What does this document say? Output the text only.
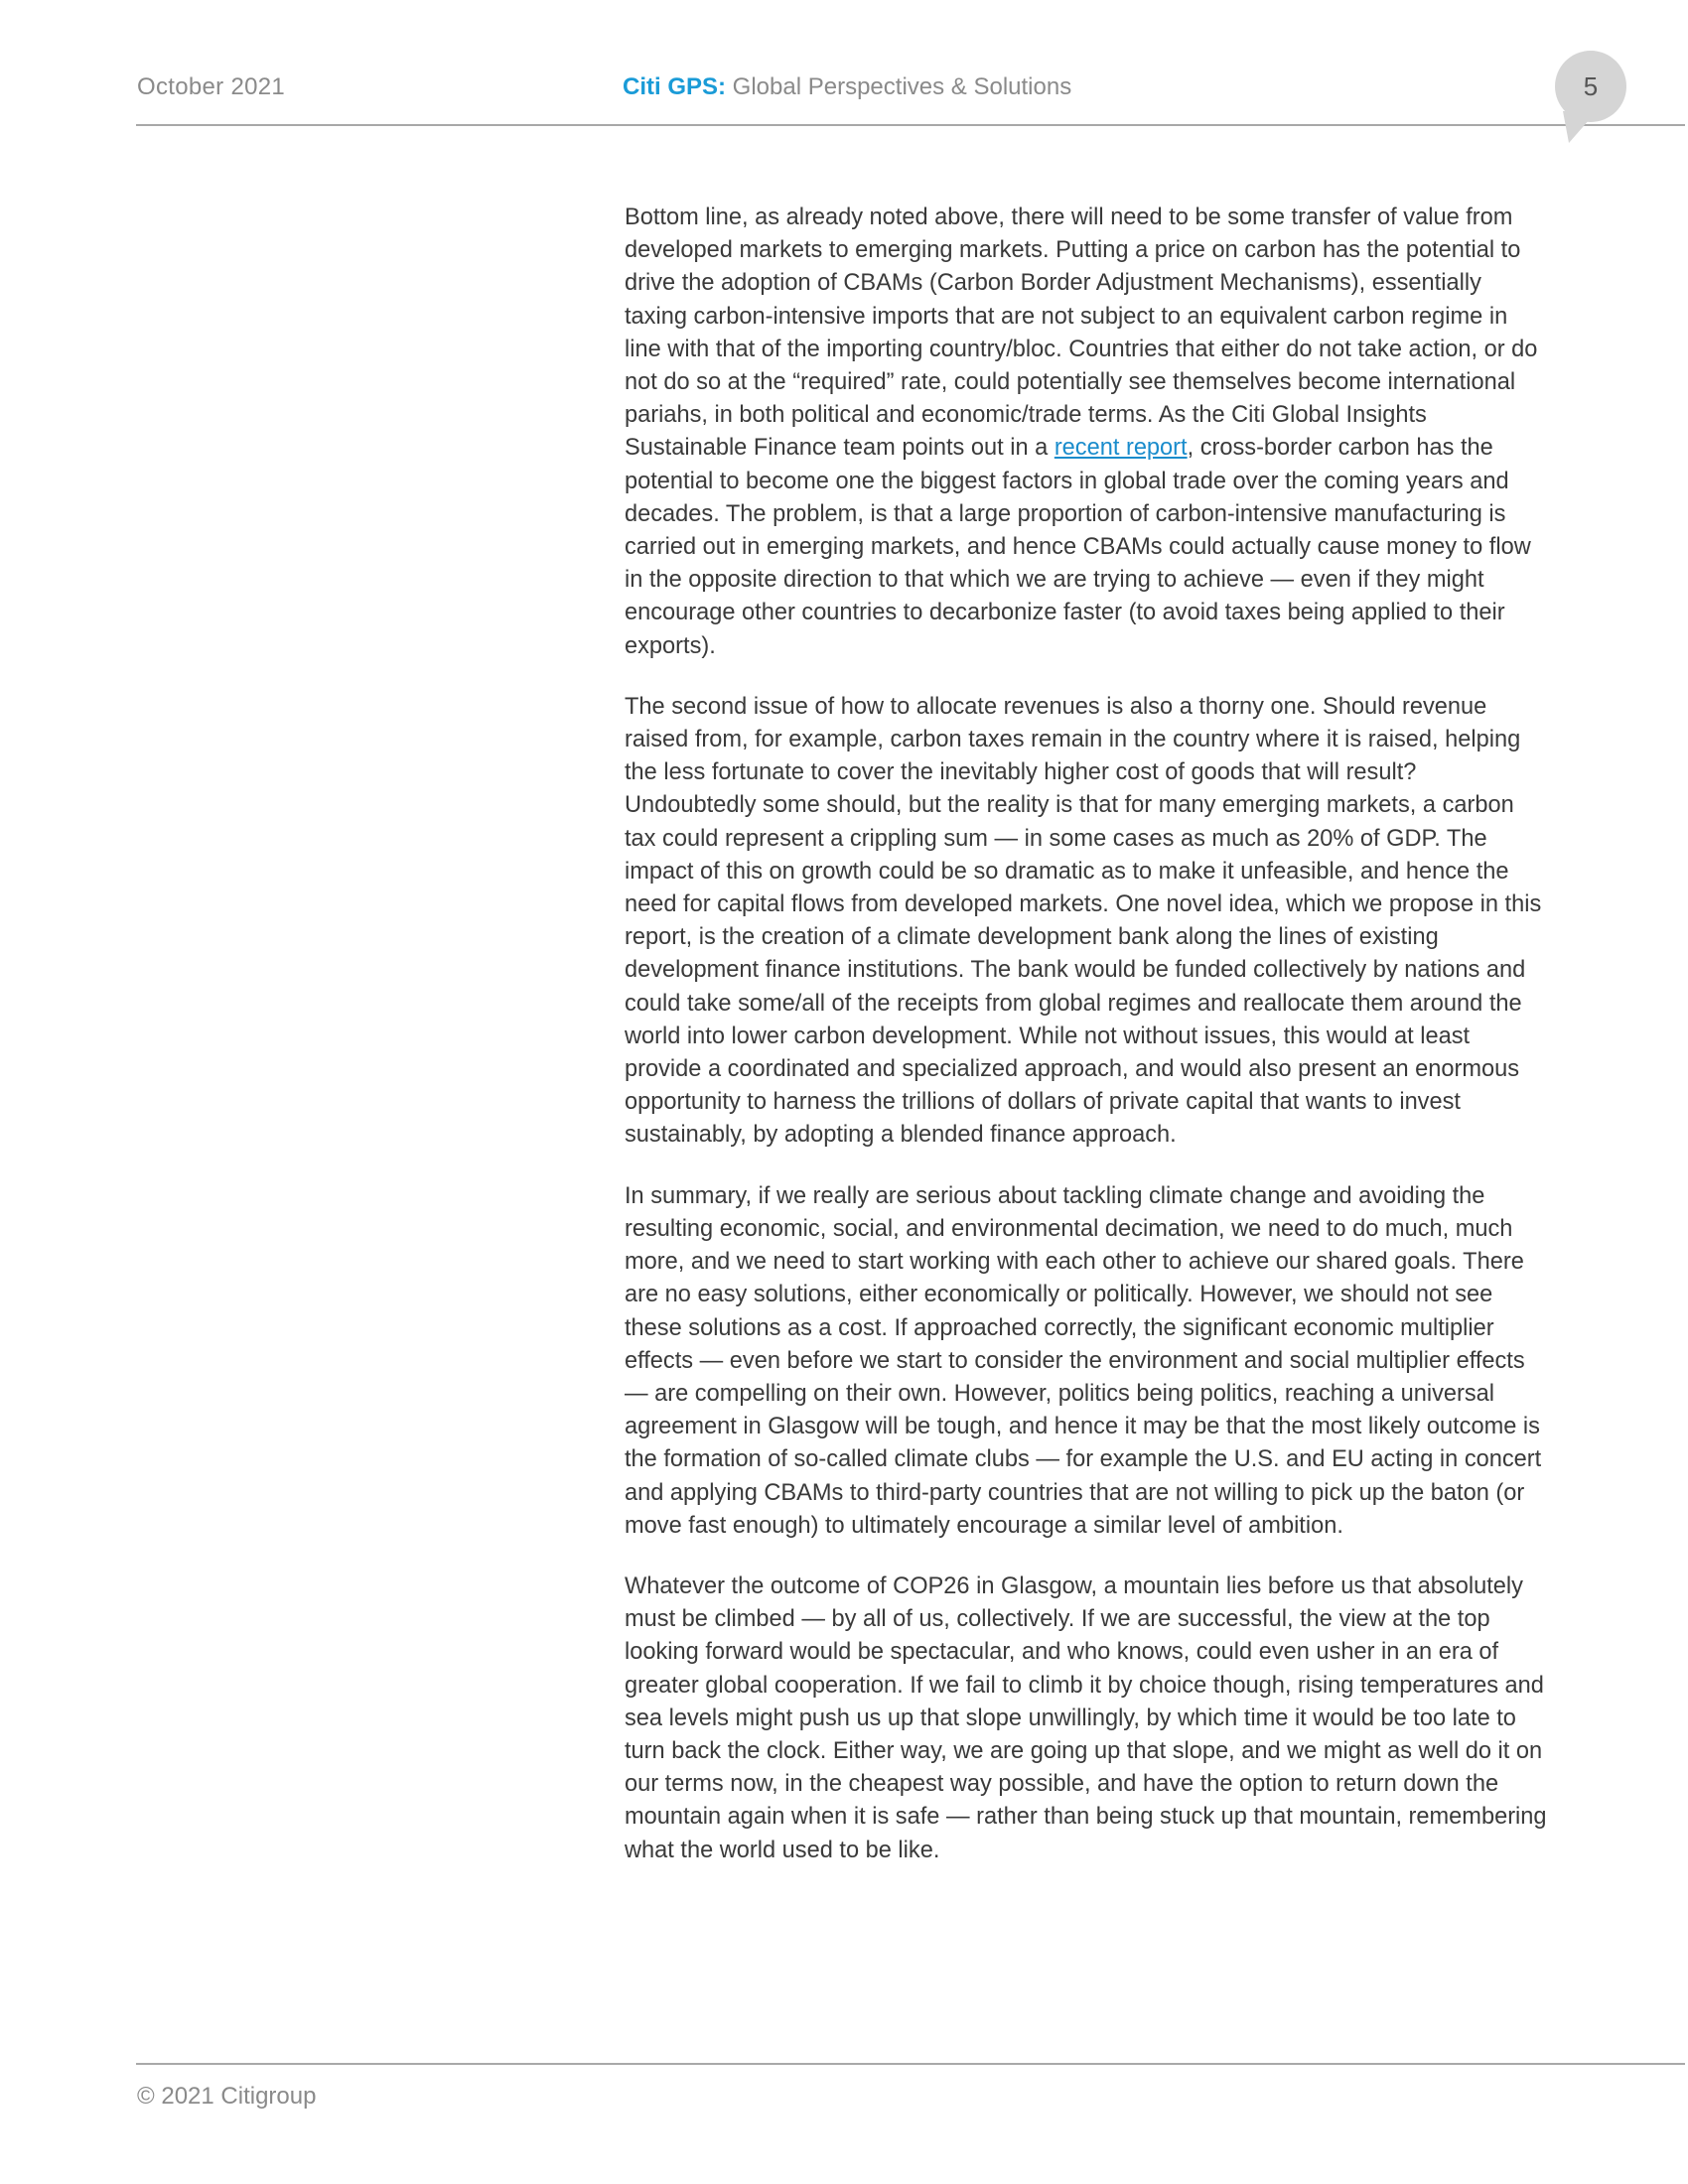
October 2021	Citi GPS: Global Perspectives & Solutions	5

Bottom line, as already noted above, there will need to be some transfer of value from developed markets to emerging markets. Putting a price on carbon has the potential to drive the adoption of CBAMs (Carbon Border Adjustment Mechanisms), essentially taxing carbon-intensive imports that are not subject to an equivalent carbon regime in line with that of the importing country/bloc. Countries that either do not take action, or do not do so at the “required” rate, could potentially see themselves become international pariahs, in both political and economic/trade terms. As the Citi Global Insights Sustainable Finance team points out in a recent report, cross-border carbon has the potential to become one the biggest factors in global trade over the coming years and decades. The problem, is that a large proportion of carbon-intensive manufacturing is carried out in emerging markets, and hence CBAMs could actually cause money to flow in the opposite direction to that which we are trying to achieve — even if they might encourage other countries to decarbonize faster (to avoid taxes being applied to their exports).

The second issue of how to allocate revenues is also a thorny one. Should revenue raised from, for example, carbon taxes remain in the country where it is raised, helping the less fortunate to cover the inevitably higher cost of goods that will result? Undoubtedly some should, but the reality is that for many emerging markets, a carbon tax could represent a crippling sum — in some cases as much as 20% of GDP. The impact of this on growth could be so dramatic as to make it unfeasible, and hence the need for capital flows from developed markets. One novel idea, which we propose in this report, is the creation of a climate development bank along the lines of existing development finance institutions. The bank would be funded collectively by nations and could take some/all of the receipts from global regimes and reallocate them around the world into lower carbon development. While not without issues, this would at least provide a coordinated and specialized approach, and would also present an enormous opportunity to harness the trillions of dollars of private capital that wants to invest sustainably, by adopting a blended finance approach.

In summary, if we really are serious about tackling climate change and avoiding the resulting economic, social, and environmental decimation, we need to do much, much more, and we need to start working with each other to achieve our shared goals. There are no easy solutions, either economically or politically. However, we should not see these solutions as a cost. If approached correctly, the significant economic multiplier effects — even before we start to consider the environment and social multiplier effects — are compelling on their own. However, politics being politics, reaching a universal agreement in Glasgow will be tough, and hence it may be that the most likely outcome is the formation of so-called climate clubs — for example the U.S. and EU acting in concert and applying CBAMs to third-party countries that are not willing to pick up the baton (or move fast enough) to ultimately encourage a similar level of ambition.

Whatever the outcome of COP26 in Glasgow, a mountain lies before us that absolutely must be climbed — by all of us, collectively. If we are successful, the view at the top looking forward would be spectacular, and who knows, could even usher in an era of greater global cooperation. If we fail to climb it by choice though, rising temperatures and sea levels might push us up that slope unwillingly, by which time it would be too late to turn back the clock. Either way, we are going up that slope, and we might as well do it on our terms now, in the cheapest way possible, and have the option to return down the mountain again when it is safe — rather than being stuck up that mountain, remembering what the world used to be like.

© 2021 Citigroup
